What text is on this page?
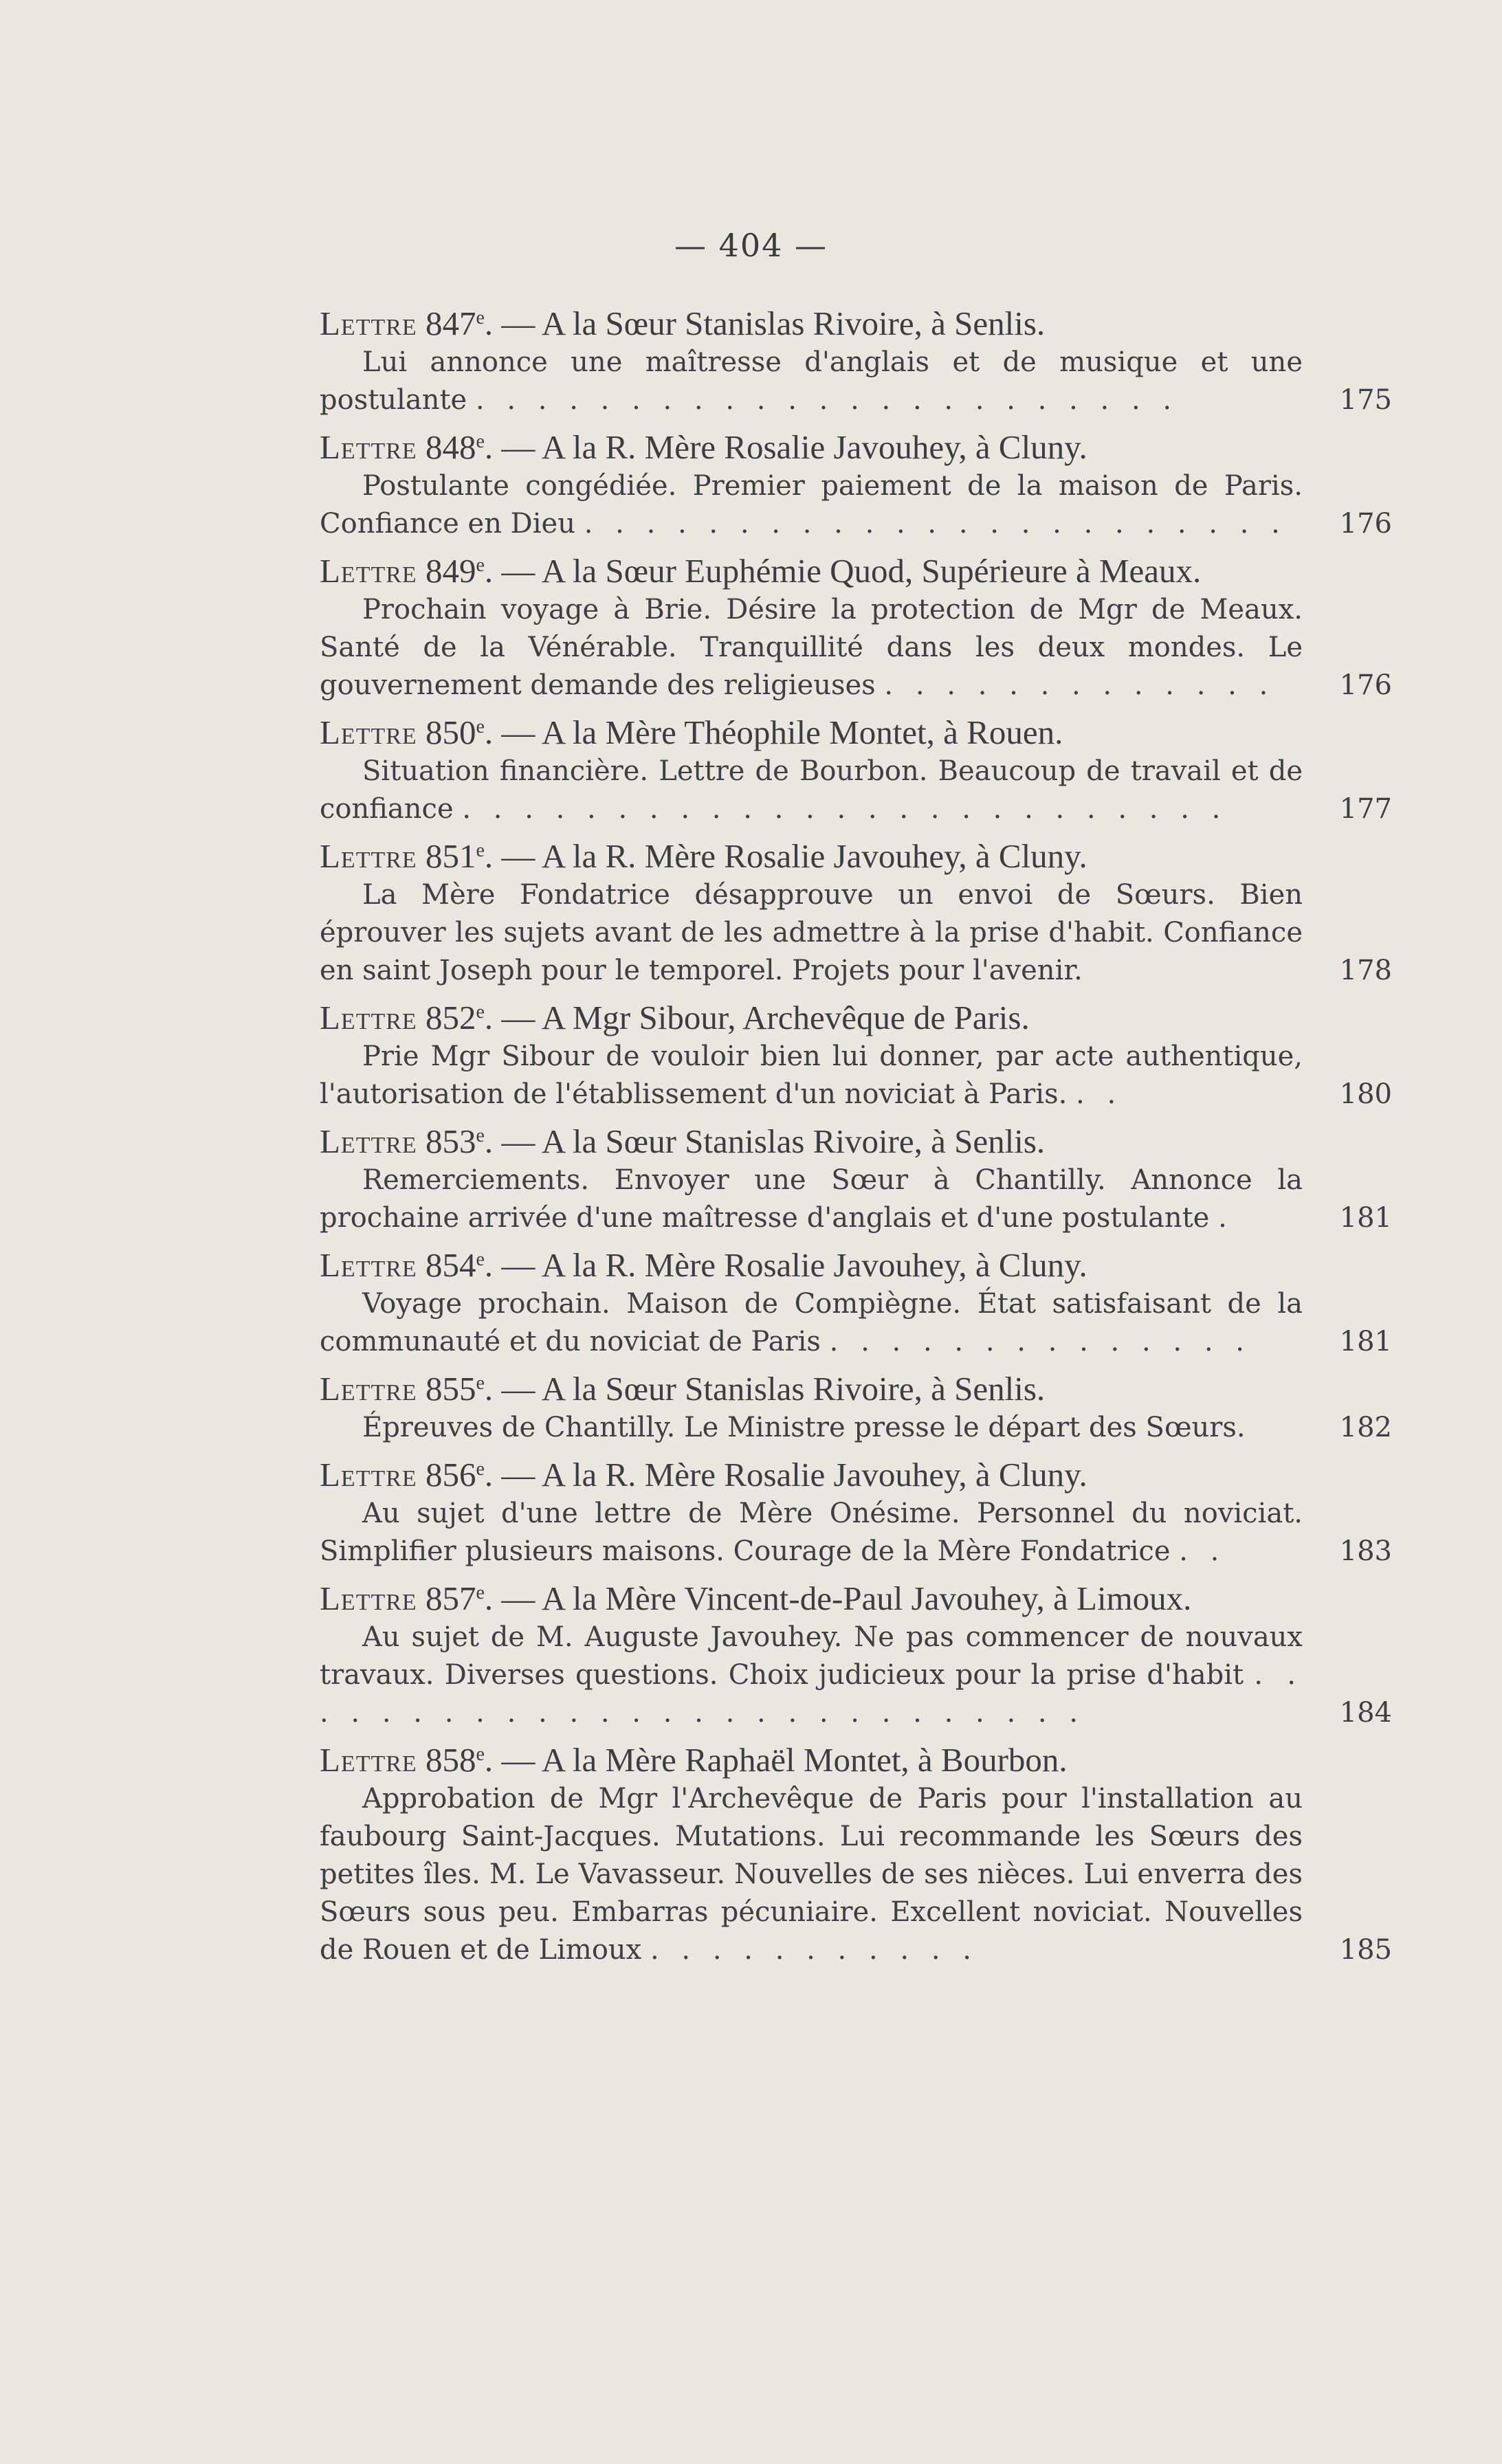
— 404 —
Lettre 847e. — A la Sœur Stanislas Rivoire, à Senlis.
Lui annonce une maîtresse d'anglais et de musique et une postulante . . . . . . . . . . . . . . . . . . . . . . .	175
Lettre 848e. — A la R. Mère Rosalie Javouhey, à Cluny.
Postulante congédiée. Premier paiement de la maison de Paris. Confiance en Dieu . . . . . . . . . . . . . . . . . . . . . . .	176
Lettre 849e. — A la Sœur Euphémie Quod, Supérieure à Meaux.
Prochain voyage à Brie. Désire la protection de Mgr de Meaux. Santé de la Vénérable. Tranquillité dans les deux mondes. Le gouvernement demande des religieuses . . . . . . . . . . . . .	176
Lettre 850e. — A la Mère Théophile Montet, à Rouen.
Situation financière. Lettre de Bourbon. Beaucoup de travail et de confiance . . . . . . . . . . . . . . . . . . . . . . . . .	177
Lettre 851e. — A la R. Mère Rosalie Javouhey, à Cluny.
La Mère Fondatrice désapprouve un envoi de Sœurs. Bien éprouver les sujets avant de les admettre à la prise d'habit. Confiance en saint Joseph pour le temporel. Projets pour l'avenir.	178
Lettre 852e. — A Mgr Sibour, Archevêque de Paris.
Prie Mgr Sibour de vouloir bien lui donner, par acte authentique, l'autorisation de l'établissement d'un noviciat à Paris. . .	180
Lettre 853e. — A la Sœur Stanislas Rivoire, à Senlis.
Remerciements. Envoyer une Sœur à Chantilly. Annonce la prochaine arrivée d'une maîtresse d'anglais et d'une postulante .	181
Lettre 854e. — A la R. Mère Rosalie Javouhey, à Cluny.
Voyage prochain. Maison de Compiègne. État satisfaisant de la communauté et du noviciat de Paris . . . . . . . . . . . . . .	181
Lettre 855e. — A la Sœur Stanislas Rivoire, à Senlis.
Épreuves de Chantilly. Le Ministre presse le départ des Sœurs.	182
Lettre 856e. — A la R. Mère Rosalie Javouhey, à Cluny.
Au sujet d'une lettre de Mère Onésime. Personnel du noviciat. Simplifier plusieurs maisons. Courage de la Mère Fondatrice . .	183
Lettre 857e. — A la Mère Vincent-de-Paul Javouhey, à Limoux.
Au sujet de M. Auguste Javouhey. Ne pas commencer de nouvaux travaux. Diverses questions. Choix judicieux pour la prise d'habit . . . . . . . . . . . . . . . . . . . . . . . . . . .	184
Lettre 858e. — A la Mère Raphaël Montet, à Bourbon.
Approbation de Mgr l'Archevêque de Paris pour l'installation au faubourg Saint-Jacques. Mutations. Lui recommande les Sœurs des petites îles. M. Le Vavasseur. Nouvelles de ses nièces. Lui enverra des Sœurs sous peu. Embarras pécuniaire. Excellent noviciat. Nouvelles de Rouen et de Limoux . . . . . . . . . . .	185
